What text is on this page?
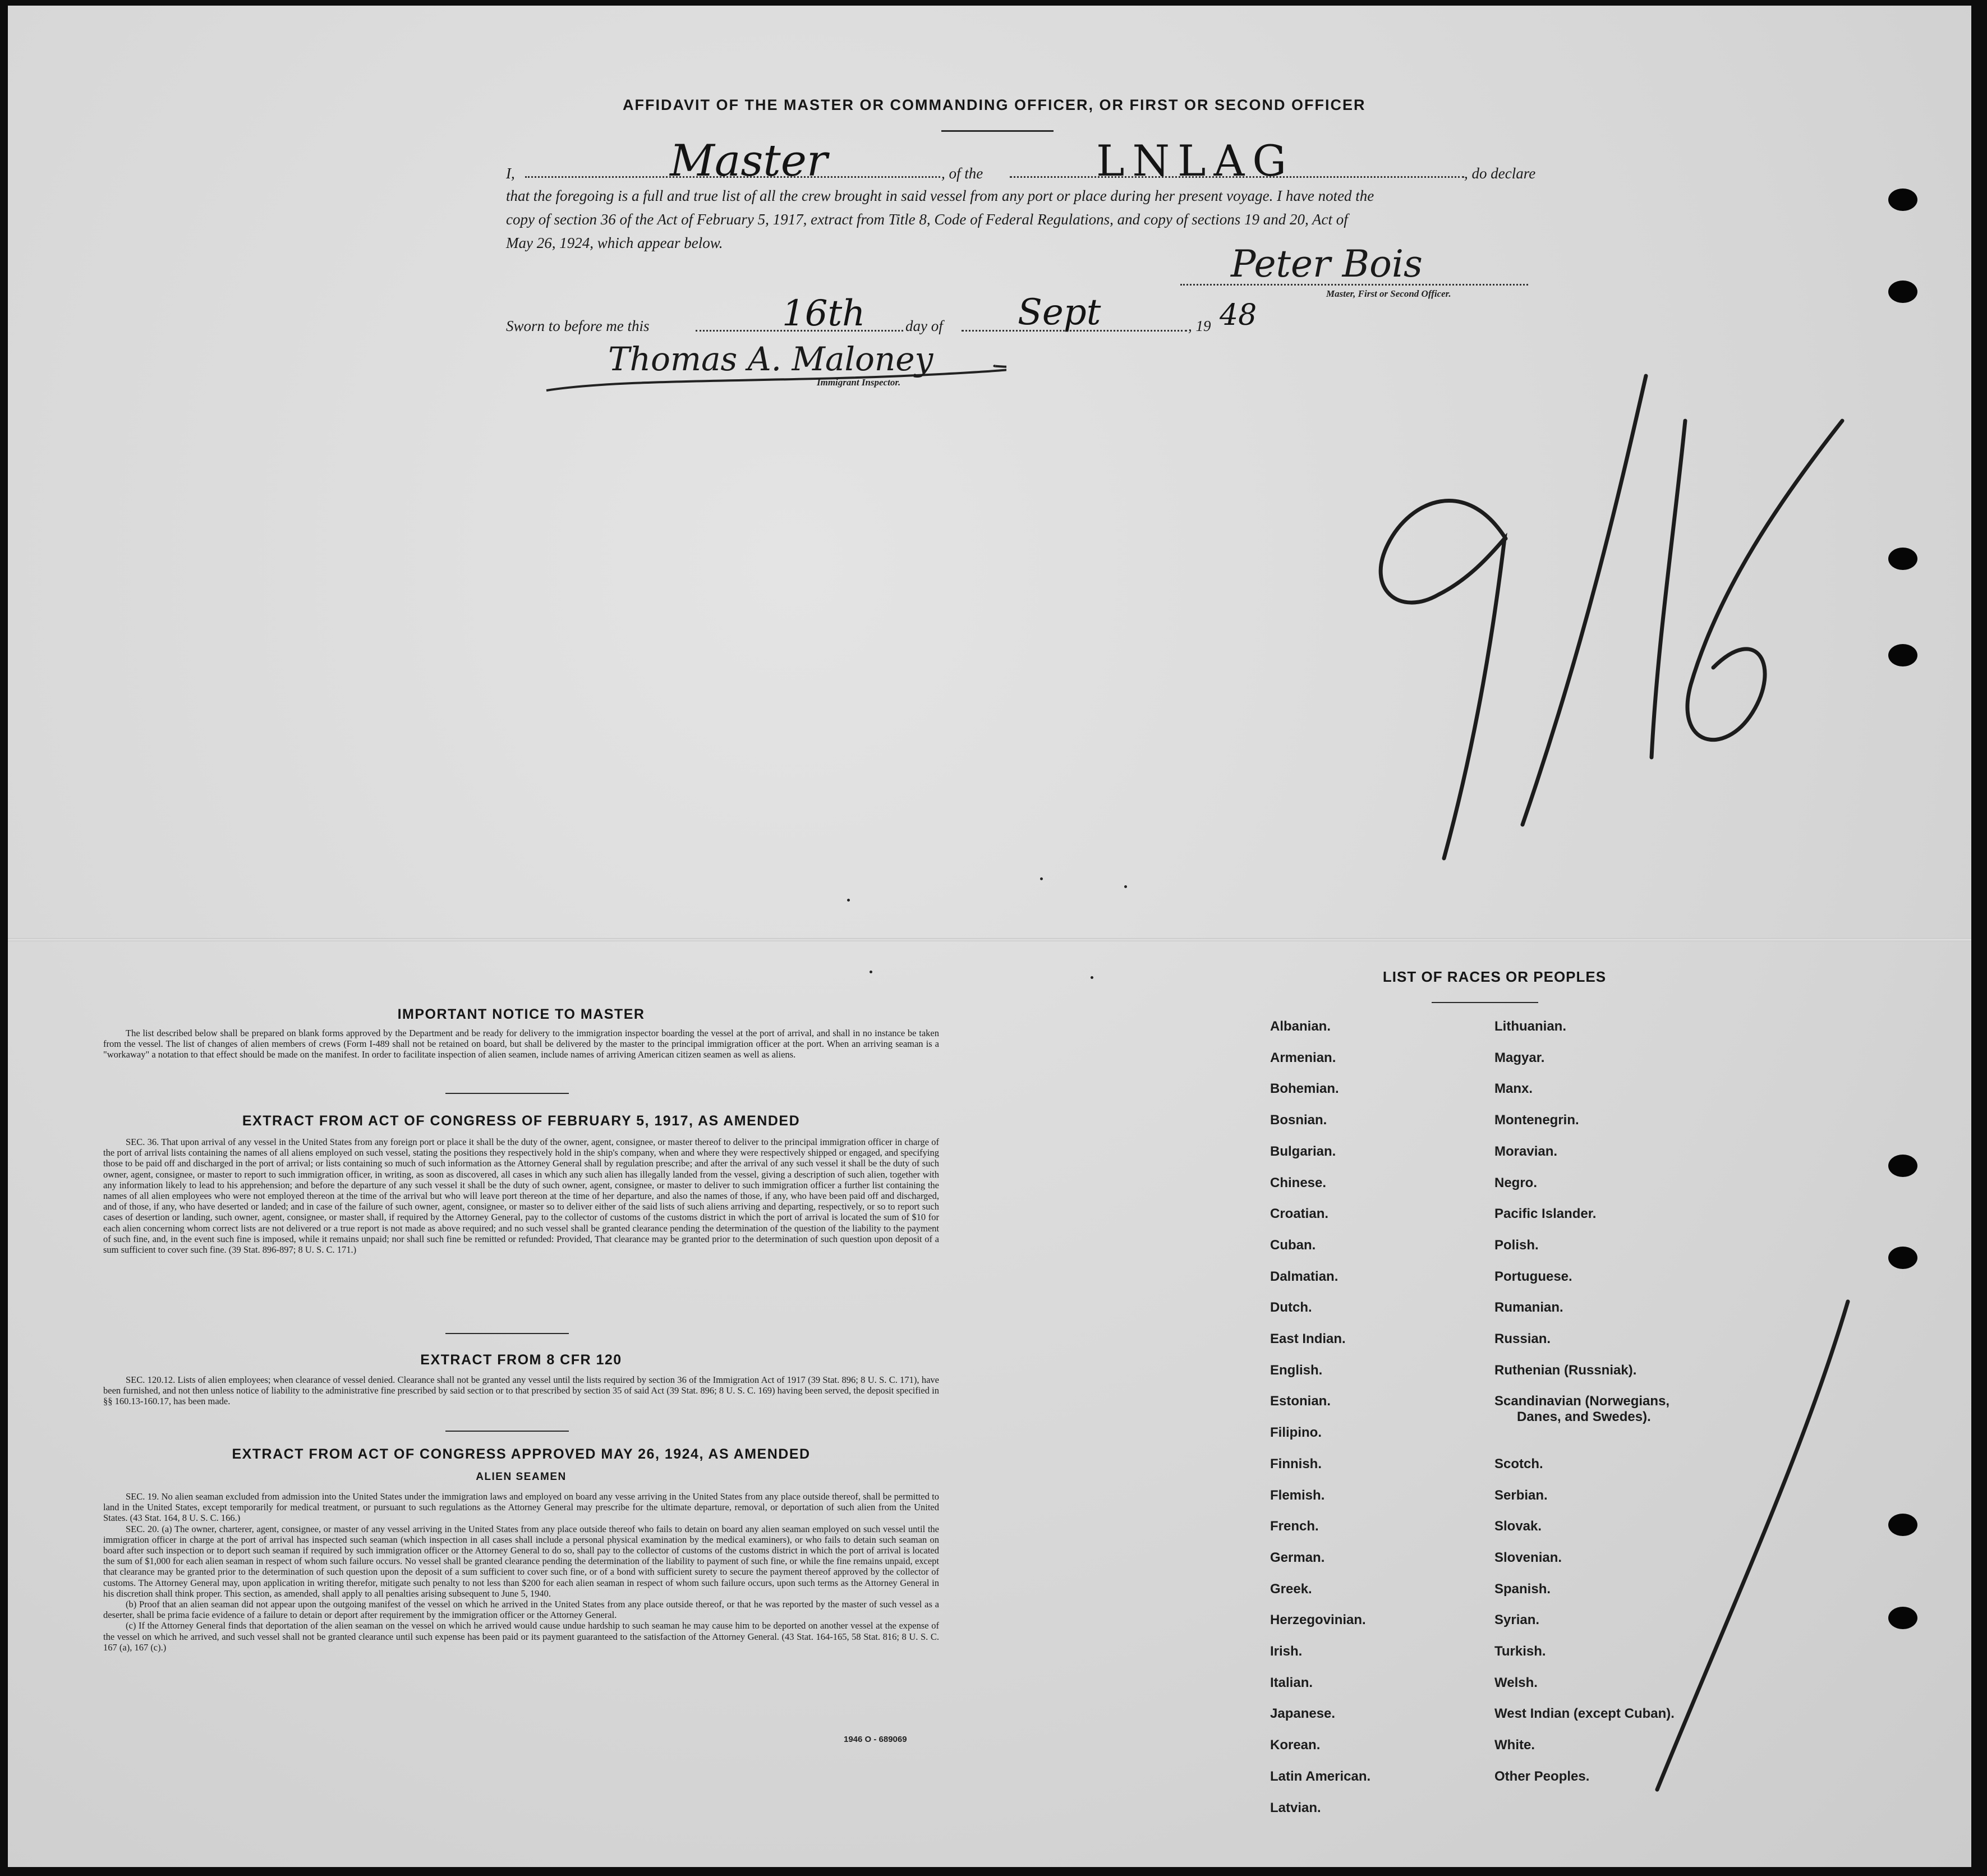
AFFIDAVIT OF THE MASTER OR COMMANDING OFFICER, OR FIRST OR SECOND OFFICER
I,	Master	, of the	LNLAG	, do declare
that the foregoing is a full and true list of all the crew brought in said vessel from any port or place during her present voyage. I have noted the
copy of section 36 of the Act of February 5, 1917, extract from Title 8, Code of Federal Regulations, and copy of sections 19 and 20, Act of
May 26, 1924, which appear below.	Peter Bois
Master, First or Second Officer.
Sworn to before me this	16th	day of Sept	, 19 48
Thomas A. Maloney
Immigrant Inspector.
IMPORTANT NOTICE TO MASTER

The list described below shall be prepared on blank forms approved by the Department and be ready for delivery to the immigration inspector boarding the vessel at the port of arrival, and shall in no instance be taken from the vessel. The list of changes of alien members of crews (Form I-489 shall not be retained on board, but shall be delivered by the master to the principal immigration officer at the port. When an arriving seaman is a "workaway" a notation to that effect should be made on the manifest. In order to facilitate inspection of alien seamen, include names of arriving American citizen seamen as well as aliens.

EXTRACT FROM ACT OF CONGRESS OF FEBRUARY 5, 1917, AS AMENDED

SEC. 36. That upon arrival of any vessel in the United States from any foreign port or place it shall be the duty of the owner, agent, consignee, or master thereof to deliver to the principal immigration officer in charge of the port of arrival lists containing the names of all aliens employed on such vessel, stating the positions they respectively hold in the ship's company, when and where they were respectively shipped or engaged, and specifying those to be paid off and discharged in the port of arrival; or lists containing so much of such information as the Attorney General shall by regulation prescribe; and after the arrival of any such vessel it shall be the duty of such owner, agent, consignee, or master to report to such immigration officer, in writing, as soon as discovered, all cases in which any such alien has illegally landed from the vessel, giving a description of such alien, together with any information likely to lead to his apprehension; and before the departure of any such vessel it shall be the duty of such owner, agent, consignee, or master to deliver to such immigration officer a further list containing the names of all alien employees who were not employed thereon at the time of the arrival but who will leave port thereon at the time of her departure, and also the names of those, if any, who have been paid off and discharged, and of those, if any, who have deserted or landed; and in case of the failure of such owner, agent, consignee, or master so to deliver either of the said lists of such aliens arriving and departing, respectively, or so to report such cases of desertion or landing, such owner, agent, consignee, or master shall, if required by the Attorney General, pay to the collector of customs of the customs district in which the port of arrival is located the sum of $10 for each alien concerning whom correct lists are not delivered or a true report is not made as above required; and no such vessel shall be granted clearance pending the determination of the question of the liability to the payment of such fine, and, in the event such fine is imposed, while it remains unpaid; nor shall such fine be remitted or refunded: Provided, That clearance may be granted prior to the determination of such question upon deposit of a sum sufficient to cover such fine. (39 Stat. 896-897; 8 U. S. C. 171.)

EXTRACT FROM 8 CFR 120

SEC. 120.12. Lists of alien employees; when clearance of vessel denied. Clearance shall not be granted any vessel until the lists required by section 36 of the Immigration Act of 1917 (39 Stat. 896; 8 U. S. C. 171), have been furnished, and not then unless notice of liability to the administrative fine prescribed by said section or to that prescribed by section 35 of said Act (39 Stat. 896; 8 U. S. C. 169) having been served, the deposit specified in §§ 160.13-160.17, has been made.

EXTRACT FROM ACT OF CONGRESS APPROVED MAY 26, 1924, AS AMENDED
ALIEN SEAMEN

SEC. 19. No alien seaman excluded from admission into the United States under the immigration laws and employed on board any vesse arriving in the United States from any place outside thereof, shall be permitted to land in the United States, except temporarily for medical treatment, or pursuant to such regulations as the Attorney General may prescribe for the ultimate departure, removal, or deportation of such alien from the United States. (43 Stat. 164, 8 U. S. C. 166.)

SEC. 20. (a) The owner, charterer, agent, consignee, or master of any vessel arriving in the United States from any place outside thereof who fails to detain on board any alien seaman employed on such vessel until the immigration officer in charge at the port of arrival has inspected such seaman (which inspection in all cases shall include a personal physical examination by the medical examiners), or who fails to detain such seaman on board after such inspection or to deport such seaman if required by such immigration officer or the Attorney General to do so, shall pay to the collector of customs of the customs district in which the port of arrival is located the sum of $1,000 for each alien seaman in respect of whom such failure occurs. No vessel shall be granted clearance pending the determination of the liability to payment of such fine, or while the fine remains unpaid, except that clearance may be granted prior to the determination of such question upon the deposit of a sum sufficient to cover such fine, or of a bond with sufficient surety to secure the payment thereof approved by the collector of customs. The Attorney General may, upon application in writing therefor, mitigate such penalty to not less than $200 for each alien seaman in respect of whom such failure occurs, upon such terms as the Attorney General in his discretion shall think proper. This section, as amended, shall apply to all penalties arising subsequent to June 5, 1940.

(b) Proof that an alien seaman did not appear upon the outgoing manifest of the vessel on which he arrived in the United States from any place outside thereof, or that he was reported by the master of such vessel as a deserter, shall be prima facie evidence of a failure to detain or deport after requirement by the immigration officer or the Attorney General.

(c) If the Attorney General finds that deportation of the alien seaman on the vessel on which he arrived would cause undue hardship to such seaman he may cause him to be deported on another vessel at the expense of the vessel on which he arrived, and such vessel shall not be granted clearance until such expense has been paid or its payment guaranteed to the satisfaction of the Attorney General. (43 Stat. 164-165, 58 Stat. 816; 8 U. S. C. 167 (a), 167 (c).)

1946 O - 689069
LIST OF RACES OR PEOPLES
Albanian.
Armenian.
Bohemian.
Bosnian.
Bulgarian.
Chinese.
Croatian.
Cuban.
Dalmatian.
Dutch.
East Indian.
English.
Estonian.
Filipino.
Finnish.
Flemish.
French.
German.
Greek.
Herzegovinian.
Irish.
Italian.
Japanese.
Korean.
Latin American.
Latvian.
Lithuanian.
Magyar.
Manx.
Montenegrin.
Moravian.
Negro.
Pacific Islander.
Polish.
Portuguese.
Rumanian.
Russian.
Ruthenian (Russniak).
Scandinavian (Norwegians,
Danes, and Swedes).
Scotch.
Serbian.
Slovak.
Slovenian.
Spanish.
Syrian.
Turkish.
Welsh.
West Indian (except Cuban).
White.
Other Peoples.
